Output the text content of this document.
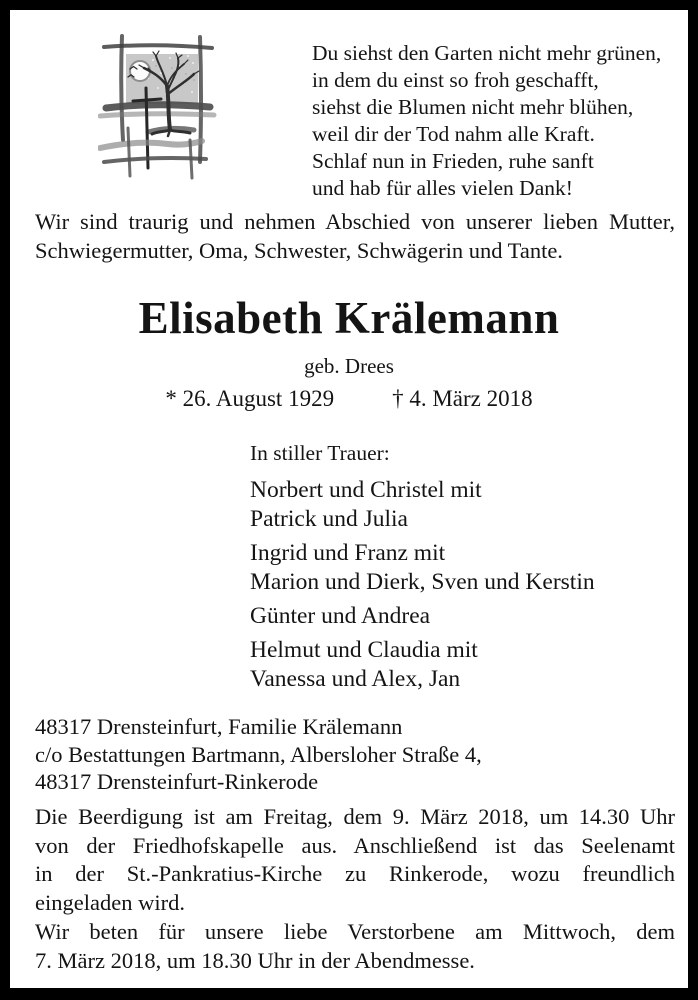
Du siehst den Garten nicht mehr grünen,
in dem du einst so froh geschafft,
siehst die Blumen nicht mehr blühen,
weil dir der Tod nahm alle Kraft.
Schlaf nun in Frieden, ruhe sanft
und hab für alles vielen Dank!
Wir sind traurig und nehmen Abschied von unserer lieben Mutter,
Schwiegermutter, Oma, Schwester, Schwägerin und Tante.
Elisabeth Krälemann
geb. Drees
* 26. August 1929	† 4. März 2018
In stiller Trauer:
Norbert und Christel mit
Patrick und Julia
Ingrid und Franz mit
Marion und Dierk, Sven und Kerstin
Günter und Andrea
Helmut und Claudia mit
Vanessa und Alex, Jan
48317 Drensteinfurt, Familie Krälemann
c/o Bestattungen Bartmann, Albersloher Straße 4,
48317 Drensteinfurt-Rinkerode
Die Beerdigung ist am Freitag, dem 9. März 2018, um 14.30 Uhr
von der Friedhofskapelle aus. Anschließend ist das Seelenamt
in der St.-Pankratius-Kirche zu Rinkerode, wozu freundlich
eingeladen wird.
Wir beten für unsere liebe Verstorbene am Mittwoch, dem
7. März 2018, um 18.30 Uhr in der Abendmesse.
